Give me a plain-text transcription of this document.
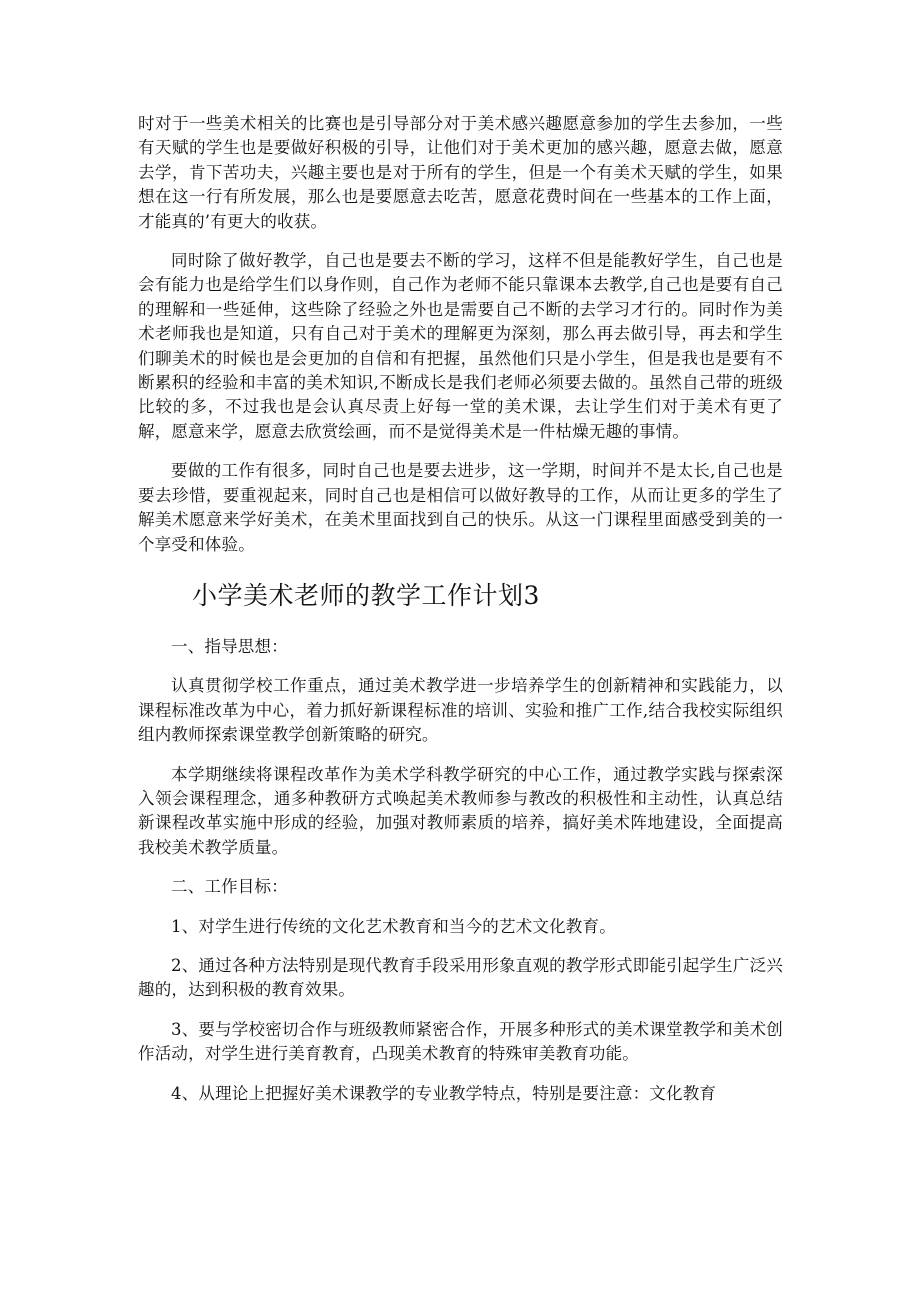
时对于一些美术相关的比赛也是引导部分对于美术感兴趣愿意参加的学生去参加，一些有天赋的学生也是要做好积极的引导，让他们对于美术更加的感兴趣，愿意去做，愿意去学，肯下苦功夫，兴趣主要也是对于所有的学生，但是一个有美术天赋的学生，如果想在这一行有所发展，那么也是要愿意去吃苦，愿意花费时间在一些基本的工作上面，才能真的’有更大的收获。

同时除了做好教学，自己也是要去不断的学习，这样不但是能教好学生，自己也是会有能力也是给学生们以身作则，自己作为老师不能只靠课本去教学,自己也是要有自己的理解和一些延伸，这些除了经验之外也是需要自己不断的去学习才行的。同时作为美术老师我也是知道，只有自己对于美术的理解更为深刻，那么再去做引导，再去和学生们聊美术的时候也是会更加的自信和有把握，虽然他们只是小学生，但是我也是要有不断累积的经验和丰富的美术知识,不断成长是我们老师必须要去做的。虽然自己带的班级比较的多，不过我也是会认真尽责上好每一堂的美术课，去让学生们对于美术有更了解，愿意来学，愿意去欣赏绘画，而不是觉得美术是一件枯燥无趣的事情。

要做的工作有很多，同时自己也是要去进步，这一学期，时间并不是太长,自己也是要去珍惜，要重视起来，同时自己也是相信可以做好教导的工作，从而让更多的学生了解美术愿意来学好美术，在美术里面找到自己的快乐。从这一门课程里面感受到美的一个享受和体验。

小学美术老师的教学工作计划3

一、指导思想：

认真贯彻学校工作重点，通过美术教学进一步培养学生的创新精神和实践能力，以课程标准改革为中心，着力抓好新课程标准的培训、实验和推广工作,结合我校实际组织组内教师探索课堂教学创新策略的研究。

本学期继续将课程改革作为美术学科教学研究的中心工作，通过教学实践与探索深入领会课程理念，通多种教研方式唤起美术教师参与教改的积极性和主动性，认真总结新课程改革实施中形成的经验，加强对教师素质的培养，搞好美术阵地建设，全面提高我校美术教学质量。

二、工作目标：

1、对学生进行传统的文化艺术教育和当今的艺术文化教育。

2、通过各种方法特别是现代教育手段采用形象直观的教学形式即能引起学生广泛兴趣的，达到积极的教育效果。

3、要与学校密切合作与班级教师紧密合作，开展多种形式的美术课堂教学和美术创作活动，对学生进行美育教育，凸现美术教育的特殊审美教育功能。

4、从理论上把握好美术课教学的专业教学特点，特别是要注意：文化教育
